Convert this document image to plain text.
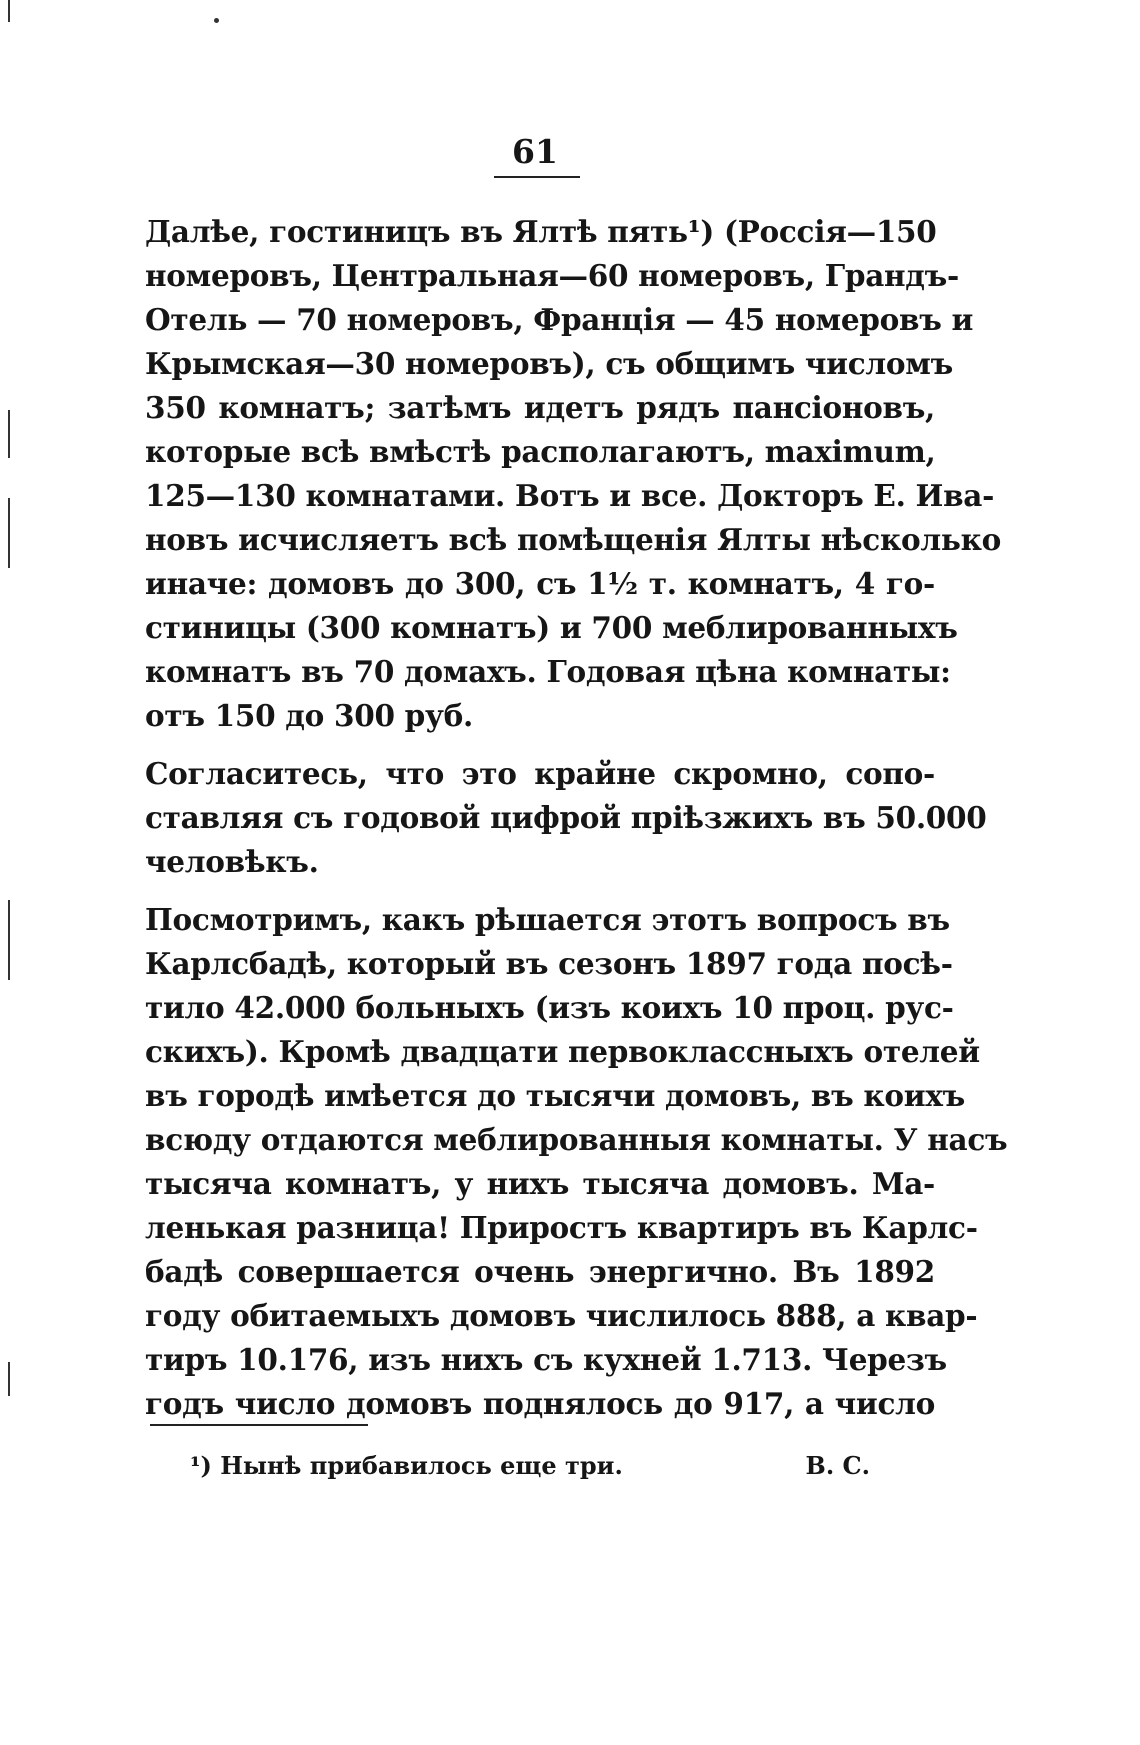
61
Далѣе, гостиницъ въ Ялтѣ пять¹) (Россія—150
номеровъ, Центральная—60 номеровъ, Грандъ-
Отель — 70 номеровъ, Франція — 45 номеровъ и
Крымская—30 номеровъ), съ общимъ числомъ
350 комнатъ; затѣмъ идетъ рядъ пансіоновъ,
которые всѣ вмѣстѣ располагаютъ, maximum,
125—130 комнатами. Вотъ и все. Докторъ Е. Ива-
новъ исчисляетъ всѣ помѣщенія Ялты нѣсколько
иначе: домовъ до 300, съ 1½ т. комнатъ, 4 го-
стиницы (300 комнатъ) и 700 меблированныхъ
комнатъ въ 70 домахъ. Годовая цѣна комнаты:
отъ 150 до 300 руб.
Согласитесь, что это крайне скромно, сопо-
ставляя съ годовой цифрой пріѣзжихъ въ 50.000
человѣкъ.
Посмотримъ, какъ рѣшается этотъ вопросъ въ
Карлсбадѣ, который въ сезонъ 1897 года посѣ-
тило 42.000 больныхъ (изъ коихъ 10 проц. рус-
скихъ). Кромѣ двадцати первоклассныхъ отелей
въ городѣ имѣется до тысячи домовъ, въ коихъ
всюду отдаются меблированныя комнаты. У насъ
тысяча комнатъ, у нихъ тысяча домовъ. Ма-
ленькая разница! Приростъ квартиръ въ Карлс-
бадѣ совершается очень энергично. Въ 1892
году обитаемыхъ домовъ числилось 888, а квар-
тиръ 10.176, изъ нихъ съ кухней 1.713. Черезъ
годъ число домовъ поднялось до 917, а число
¹) Нынѣ прибавилось еще три.	В. С.
